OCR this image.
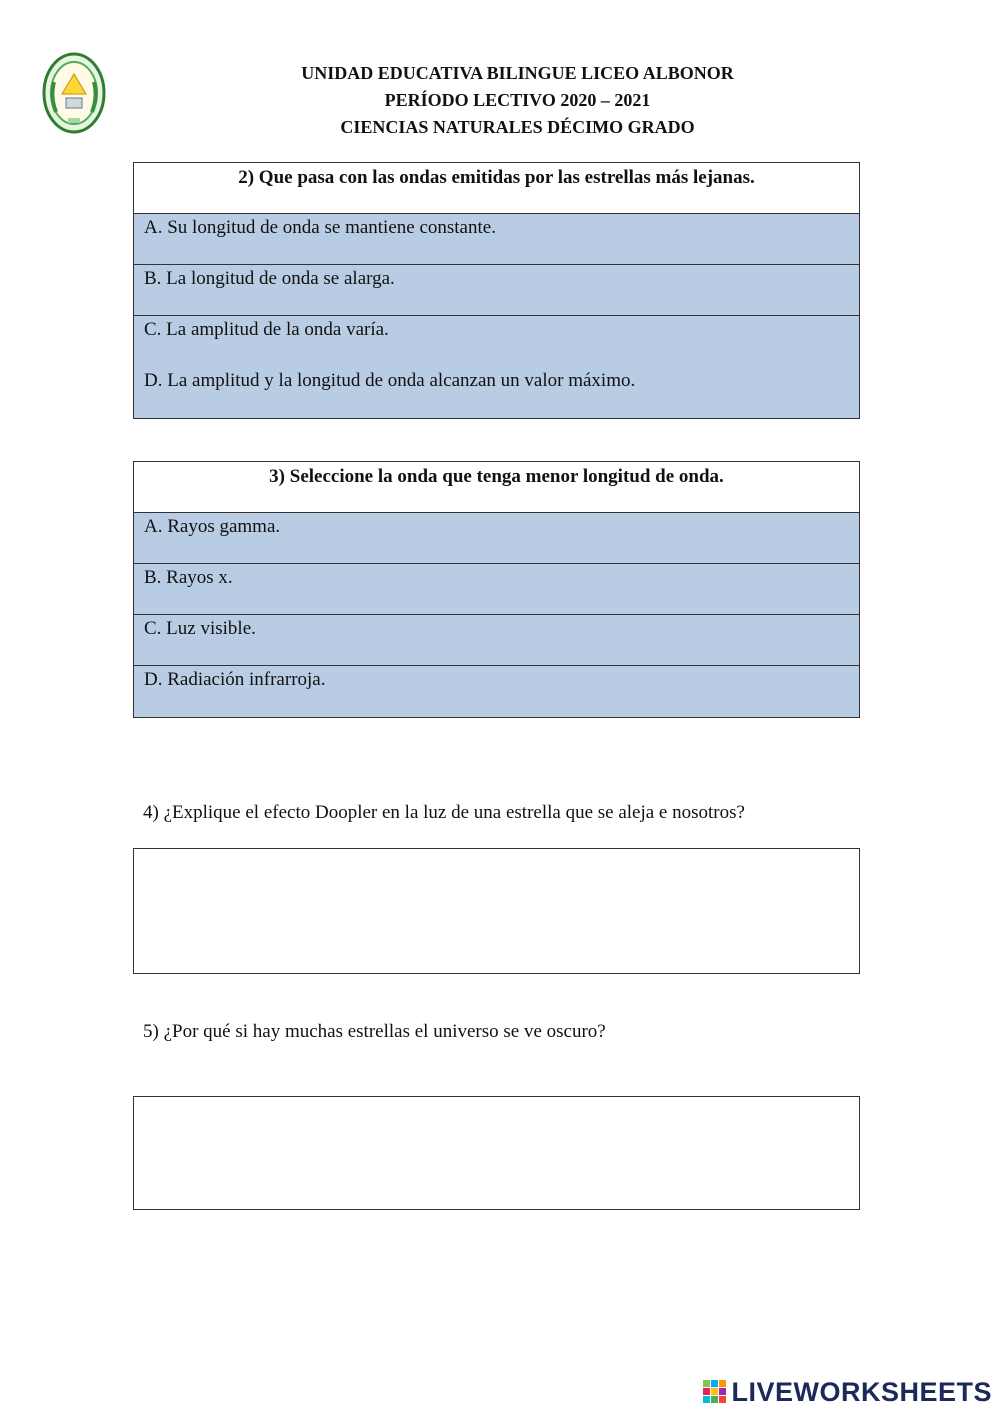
UNIDAD EDUCATIVA BILINGUE LICEO ALBONOR
PERÍODO LECTIVO 2020 – 2021
CIENCIAS NATURALES DÉCIMO GRADO
2) Que pasa con las ondas emitidas por las estrellas más lejanas.
A. Su longitud de onda se mantiene constante.
B. La longitud de onda se alarga.
C. La amplitud de la onda varía.
D. La amplitud y la longitud de onda alcanzan un valor máximo.
3) Seleccione la onda que tenga menor longitud de onda.
A. Rayos gamma.
B. Rayos x.
C. Luz visible.
D. Radiación infrarroja.
4) ¿Explique el efecto Doopler en la luz de una estrella que se aleja e nosotros?
5) ¿Por qué si hay muchas estrellas el universo se ve oscuro?
LIVEWORKSHEETS
